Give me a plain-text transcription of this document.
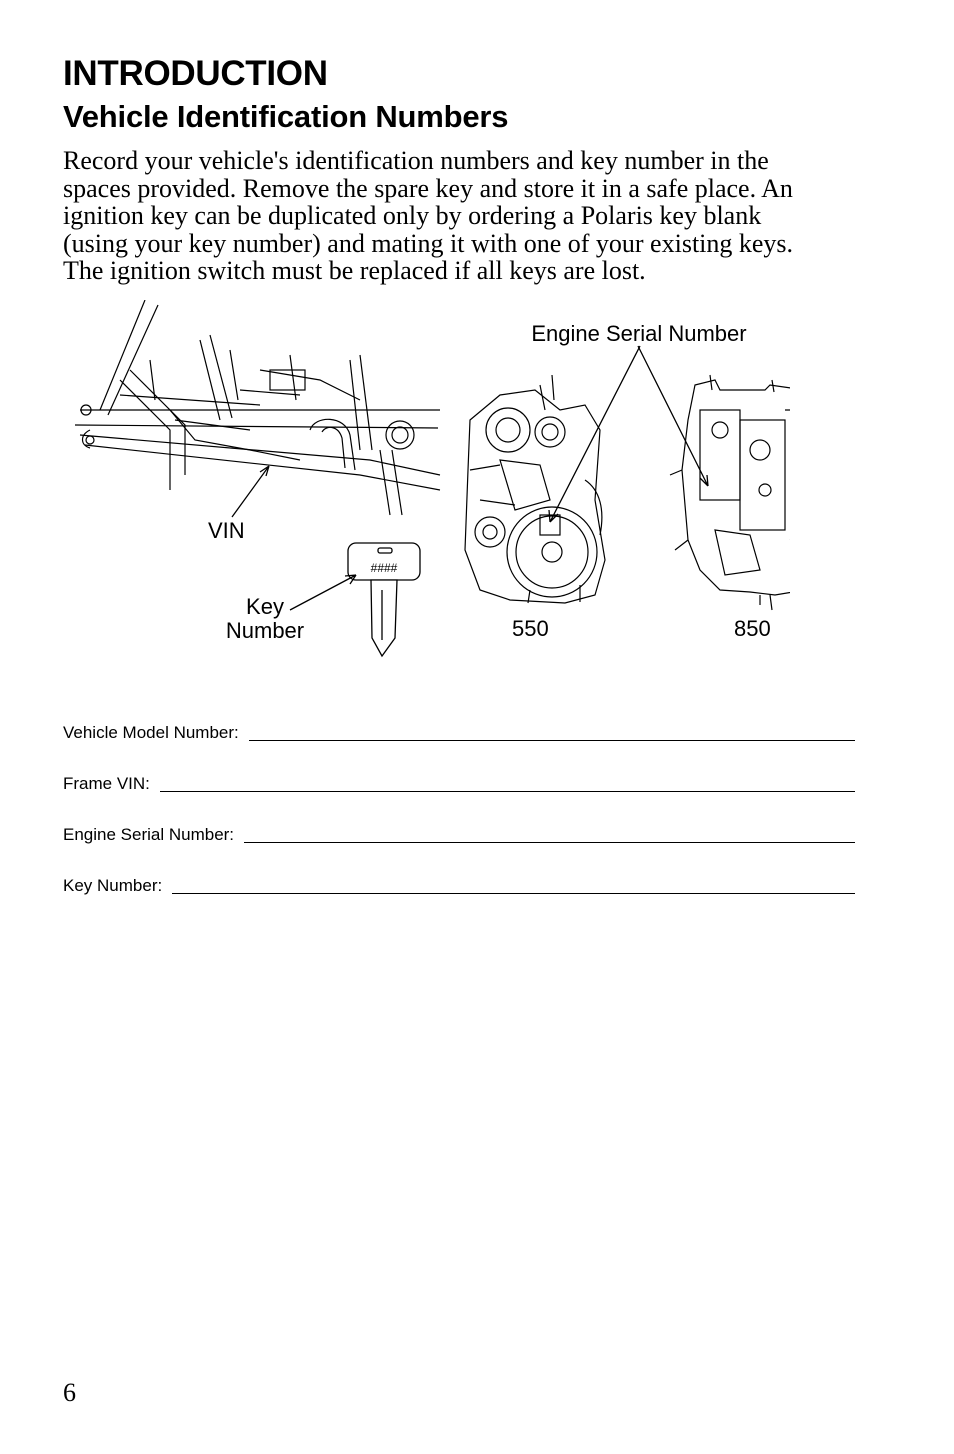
INTRODUCTION
Vehicle Identification Numbers

Record your vehicle's identification numbers and key number in the
spaces provided. Remove the spare key and store it in a safe place. An
ignition key can be duplicated only by ordering a Polaris key blank
(using your key number) and mating it with one of your existing keys.
The ignition switch must be replaced if all keys are lost.

VIN
####
Key
Number
Engine Serial Number
550	850
Vehicle Model Number:
Frame VIN:
Engine Serial Number:
Key Number:
6
